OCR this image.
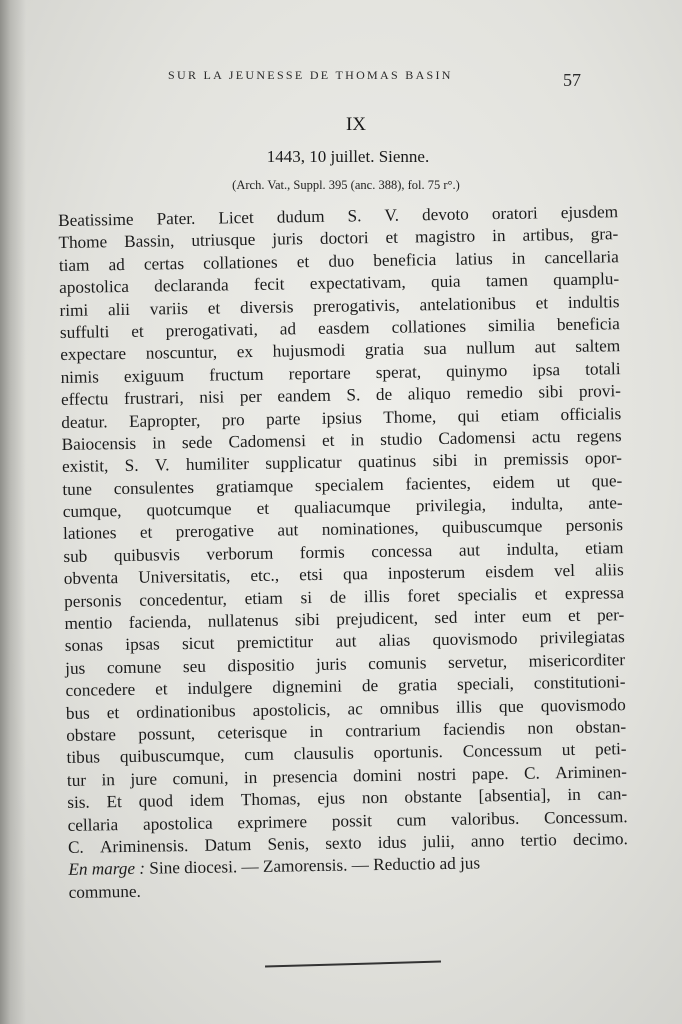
SUR LA JEUNESSE DE THOMAS BASIN	57
IX
1443, 10 juillet. Sienne.
(Arch. Vat., Suppl. 395 (anc. 388), fol. 75 r°.)
Beatissime Pater. Licet dudum S. V. devoto oratori ejusdem
Thome Bassin, utriusque juris doctori et magistro in artibus, gra-
tiam ad certas collationes et duo beneficia latius in cancellaria
apostolica declaranda fecit expectativam, quia tamen quamplu-
rimi alii variis et diversis prerogativis, antelationibus et indultis
suffulti et prerogativati, ad easdem collationes similia beneficia
expectare noscuntur, ex hujusmodi gratia sua nullum aut saltem
nimis exiguum fructum reportare sperat, quinymo ipsa totali
effectu frustrari, nisi per eandem S. de aliquo remedio sibi provi-
deatur. Eapropter, pro parte ipsius Thome, qui etiam officialis
Baiocensis in sede Cadomensi et in studio Cadomensi actu regens
existit, S. V. humiliter supplicatur quatinus sibi in premissis opor-
tune consulentes gratiamque specialem facientes, eidem ut que-
cumque, quotcumque et qualiacumque privilegia, indulta, ante-
lationes et prerogative aut nominationes, quibuscumque personis
sub quibusvis verborum formis concessa aut indulta, etiam
obventa Universitatis, etc., etsi qua inposterum eisdem vel aliis
personis concedentur, etiam si de illis foret specialis et expressa
mentio facienda, nullatenus sibi prejudicent, sed inter eum et per-
sonas ipsas sicut premictitur aut alias quovismodo privilegiatas
jus comune seu dispositio juris comunis servetur, misericorditer
concedere et indulgere dignemini de gratia speciali, constitutioni-
bus et ordinationibus apostolicis, ac omnibus illis que quovismodo
obstare possunt, ceterisque in contrarium faciendis non obstan-
tibus quibuscumque, cum clausulis oportunis. Concessum ut peti-
tur in jure comuni, in presencia domini nostri pape. C. Ariminen-
sis. Et quod idem Thomas, ejus non obstante [absentia], in can-
cellaria apostolica exprimere possit cum valoribus. Concessum.
C. Ariminensis. Datum Senis, sexto idus julii, anno tertio decimo.
En marge : Sine diocesi. — Zamorensis. — Reductio ad jus
commune.
